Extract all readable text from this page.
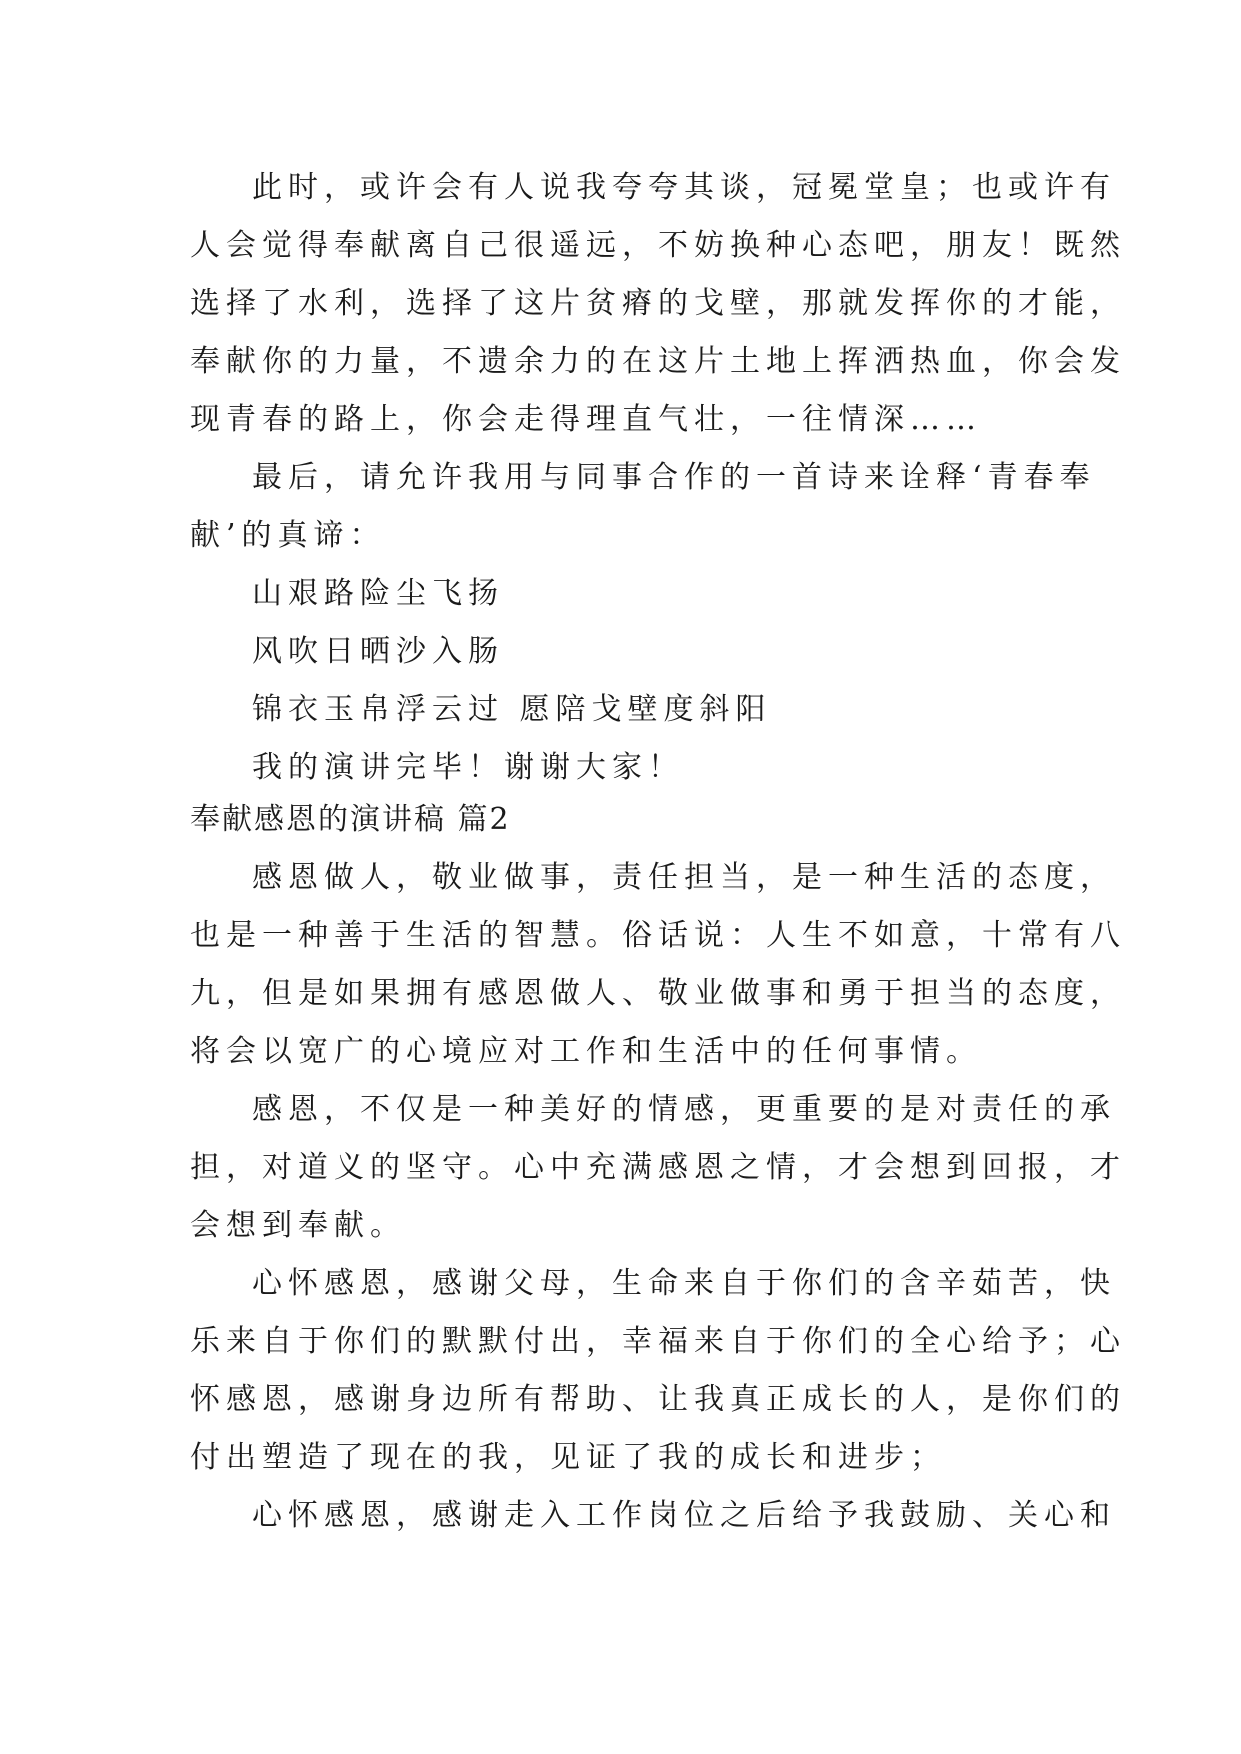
此时，或许会有人说我夸夸其谈，冠冕堂皇；也或许有
人会觉得奉献离自己很遥远，不妨换种心态吧，朋友！既然
选择了水利，选择了这片贫瘠的戈壁，那就发挥你的才能，
奉献你的力量，不遗余力的在这片土地上挥洒热血，你会发
现青春的路上，你会走得理直气壮，一往情深……
最后，请允许我用与同事合作的一首诗来诠释‘青春奉
献’的真谛：
山艰路险尘飞扬
风吹日晒沙入肠
锦衣玉帛浮云过 愿陪戈壁度斜阳
我的演讲完毕！谢谢大家！
奉献感恩的演讲稿 篇2
感恩做人，敬业做事，责任担当，是一种生活的态度，
也是一种善于生活的智慧。俗话说：人生不如意，十常有八
九，但是如果拥有感恩做人、敬业做事和勇于担当的态度，
将会以宽广的心境应对工作和生活中的任何事情。
感恩，不仅是一种美好的情感，更重要的是对责任的承
担，对道义的坚守。心中充满感恩之情，才会想到回报，才
会想到奉献。
心怀感恩，感谢父母，生命来自于你们的含辛茹苦，快
乐来自于你们的默默付出，幸福来自于你们的全心给予；心
怀感恩，感谢身边所有帮助、让我真正成长的人，是你们的
付出塑造了现在的我，见证了我的成长和进步；
心怀感恩，感谢走入工作岗位之后给予我鼓励、关心和
